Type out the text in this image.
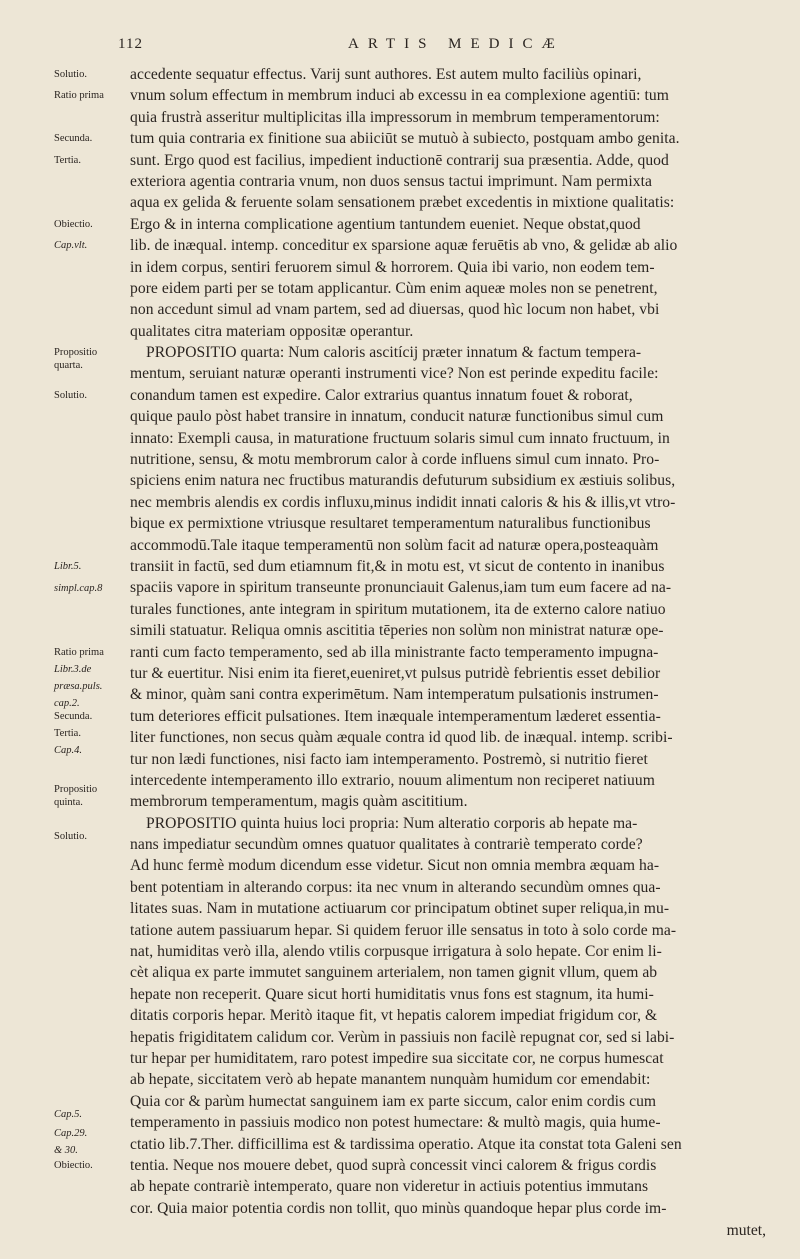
112	ARTIS MEDICÆ
Solutio.
Ratio prima
Secunda.
Tertia.
Obiectio.
Cap.vlt.
Propositio
quarta.
Solutio.
Libr.5.
simpl.cap.8
Ratio prima
Libr.3.de
præsa.puls.
cap.2.
Secunda.
Tertia.
Cap.4.
Propositio
quinta.
Solutio.
Cap.5.
Cap.29.
& 30.
Obiectio.
accedente sequatur effectus. Varij sunt authores. Est autem multo faciliùs opinari,
vnum solum effectum in membrum induci ab excessu in ea complexione agentiū: tum
quia frustrà asseritur multiplicitas illa impressorum in membrum temperamentorum:
tum quia contraria ex finitione sua abiiciūt se mutuò à subiecto, postquam ambo genita.
sunt. Ergo quod est facilius, impedient inductionē contrarij sua præsentia. Adde, quod
exteriora agentia contraria vnum, non duos sensus tactui imprimunt. Nam permixta
aqua ex gelida & feruente solam sensationem præbet excedentis in mixtione qualitatis:
Ergo & in interna complicatione agentium tantundem eueniet. Neque obstat,quod
lib. de inæqual. intemp. conceditur ex sparsione aquæ feruētis ab vno, & gelidæ ab alio
in idem corpus, sentiri feruorem simul & horrorem. Quia ibi vario, non eodem tem-
pore eidem parti per se totam applicantur. Cùm enim aqueæ moles non se penetrent,
non accedunt simul ad vnam partem, sed ad diuersas, quod hìc locum non habet, vbi
qualitates citra materiam oppositæ operantur.
PROPOSITIO quarta: Num caloris ascitícij præter innatum & factum tempera-
mentum, seruiant naturæ operanti instrumenti vice? Non est perinde expeditu facile:
conandum tamen est expedire. Calor extrarius quantus innatum fouet & roborat,
quique paulo pòst habet transire in innatum, conducit naturæ functionibus simul cum
innato: Exempli causa, in maturatione fructuum solaris simul cum innato fructuum, in
nutritione, sensu, & motu membrorum calor à corde influens simul cum innato. Pro-
spiciens enim natura nec fructibus maturandis defuturum subsidium ex æstiuis solibus,
nec membris alendis ex cordis influxu,minus indidit innati caloris & his & illis,vt vtro-
bique ex permixtione vtriusque resultaret temperamentum naturalibus functionibus
accommodū.Tale itaque temperamentū non solùm facit ad naturæ opera,posteaquàm
transiit in factū, sed dum etiamnum fit,& in motu est, vt sicut de contento in inanibus
spaciis vapore in spiritum transeunte pronunciauit Galenus,iam tum eum facere ad na-
turales functiones, ante integram in spiritum mutationem, ita de externo calore natiuo
simili statuatur. Reliqua omnis ascititia tēperies non solùm non ministrat naturæ ope-
ranti cum facto temperamento, sed ab illa ministrante facto temperamento impugna-
tur & euertitur. Nisi enim ita fieret,eueniret,vt pulsus putridè febrientis esset debilior
& minor, quàm sani contra experimētum. Nam intemperatum pulsationis instrumen-
tum deteriores efficit pulsationes. Item inæquale intemperamentum læderet essentia-
liter functiones, non secus quàm æquale contra id quod lib. de inæqual. intemp. scribi-
tur non lædi functiones, nisi facto iam intemperamento. Postremò, si nutritio fieret
intercedente intemperamento illo extrario, nouum alimentum non reciperet natiuum
membrorum temperamentum, magis quàm ascititium.
PROPOSITIO quinta huius loci propria: Num alteratio corporis ab hepate ma-
nans impediatur secundùm omnes quatuor qualitates à contrariè temperato corde?
Ad hunc fermè modum dicendum esse videtur. Sicut non omnia membra æquam ha-
bent potentiam in alterando corpus: ita nec vnum in alterando secundùm omnes qua-
litates suas. Nam in mutatione actiuarum cor principatum obtinet super reliqua,in mu-
tatione autem passiuarum hepar. Si quidem feruor ille sensatus in toto à solo corde ma-
nat, humiditas verò illa, alendo vtilis corpusque irrigatura à solo hepate. Cor enim li-
cèt aliqua ex parte immutet sanguinem arterialem, non tamen gignit vllum, quem ab
hepate non receperit. Quare sicut horti humiditatis vnus fons est stagnum, ita humi-
ditatis corporis hepar. Meritò itaque fit, vt hepatis calorem impediat frigidum cor, &
hepatis frigiditatem calidum cor. Verùm in passiuis non facilè repugnat cor, sed si labi-
tur hepar per humiditatem, raro potest impedire sua siccitate cor, ne corpus humescat
ab hepate, siccitatem verò ab hepate manantem nunquàm humidum cor emendabit:
Quia cor & parùm humectat sanguinem iam ex parte siccum, calor enim cordis cum
temperamento in passiuis modico non potest humectare: & multò magis, quia hume-
ctatio lib.7.Ther. difficillima est & tardissima operatio. Atque ita constat tota Galeni sen
tentia. Neque nos mouere debet, quod suprà concessit vinci calorem & frigus cordis
ab hepate contrariè intemperato, quare non videretur in actiuis potentius immutans
cor. Quia maior potentia cordis non tollit, quo minùs quandoque hepar plus corde im-
mutet,
